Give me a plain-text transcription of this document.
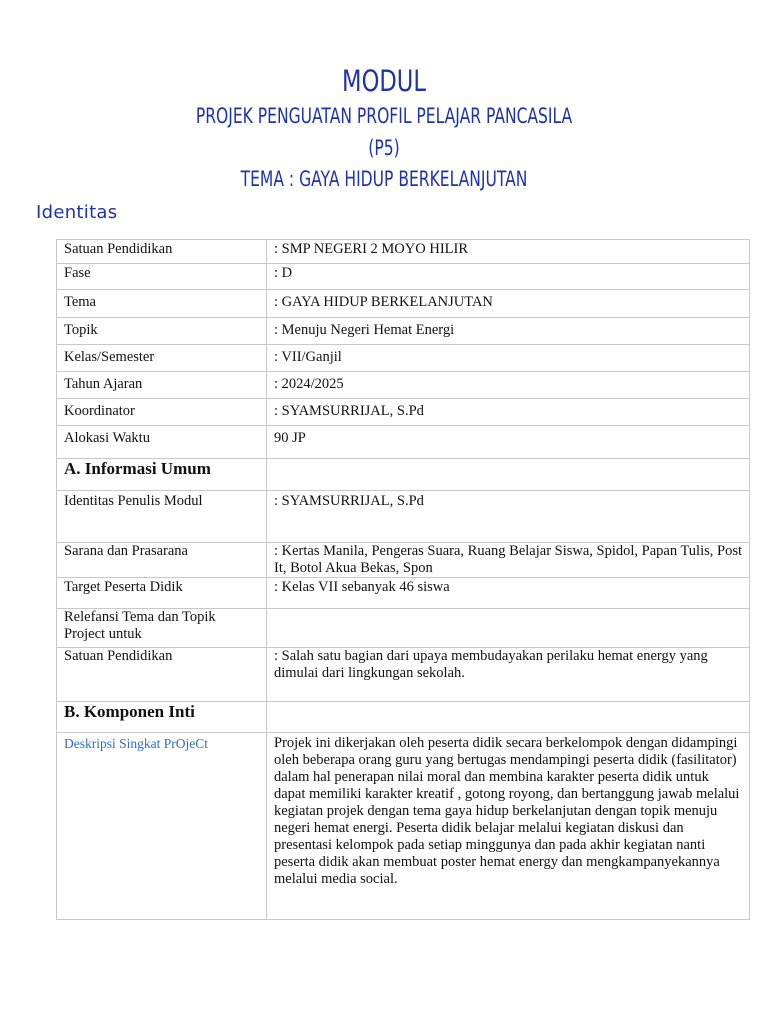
MODUL
PROJEK PENGUATAN PROFIL PELAJAR PANCASILA
(P5)
TEMA : GAYA HIDUP BERKELANJUTAN
Identitas
Satuan Pendidikan	: SMP NEGERI 2 MOYO HILIR
Fase	: D
Tema	: GAYA HIDUP BERKELANJUTAN
Topik	: Menuju Negeri Hemat Energi
Kelas/Semester	: VII/Ganjil
Tahun Ajaran	: 2024/2025
Koordinator	: SYAMSURRIJAL, S.Pd
Alokasi Waktu	90 JP
A. Informasi Umum	
Identitas Penulis Modul	: SYAMSURRIJAL, S.Pd
Sarana dan Prasarana	: Kertas Manila, Pengeras Suara, Ruang Belajar Siswa, Spidol, Papan Tulis, Post It, Botol Akua Bekas, Spon
Target Peserta Didik	: Kelas VII sebanyak 46 siswa
Relefansi Tema dan Topik Project untuk	
Satuan Pendidikan	: Salah satu bagian dari upaya membudayakan perilaku hemat energy yang dimulai dari lingkungan sekolah.
B. Komponen Inti	
Deskripsi Singkat PrOjeCt	Projek ini dikerjakan oleh peserta didik secara berkelompok dengan didampingi oleh beberapa orang guru yang bertugas mendampingi peserta didik (fasilitator) dalam hal penerapan nilai moral dan membina karakter peserta didik untuk dapat memiliki karakter kreatif , gotong royong, dan bertanggung jawab melalui kegiatan projek dengan tema gaya hidup berkelanjutan dengan topik menuju negeri hemat energi. Peserta didik belajar melalui kegiatan diskusi dan presentasi kelompok pada setiap minggunya dan pada akhir kegiatan nanti peserta didik akan membuat poster hemat energy dan mengkampanyekannya melalui media social.
